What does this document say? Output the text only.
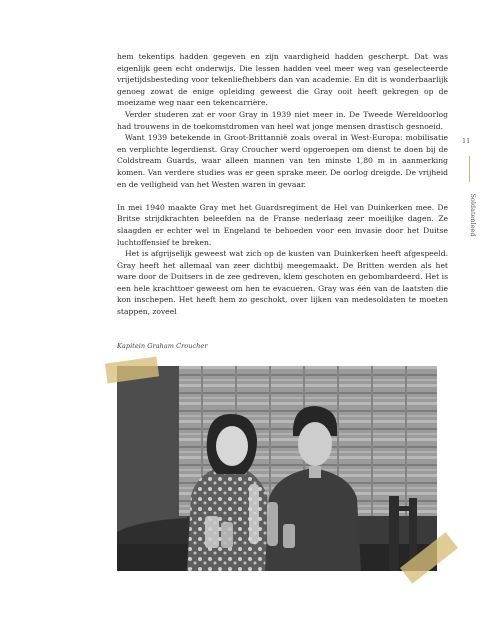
hem tekentips hadden gegeven en zijn vaardigheid hadden gescherpt. Dat was eigenlijk geen echt onderwijs. Die lessen hadden veel meer weg van geselecteerde vrijetijdsbesteding voor tekenliefhebbers dan van academie. En dit is wonderbaarlijk genoeg zowat de enige opleiding geweest die Gray ooit heeft gekregen op de moeizame weg naar een tekencarrière.

Verder studeren zat er voor Gray in 1939 niet meer in. De Tweede Wereldoorlog had trouwens in de toekomstdromen van heel wat jonge mensen drastisch gesnoeid.

Want 1939 betekende in Groot-Brittannië zoals overal in West-Europa: mobilisatie en verplichte legerdienst. Gray Croucher werd opgeroepen om dienst te doen bij de Coldstream Guards, waar alleen mannen van ten minste 1,80 m in aanmerking komen. Van verdere studies was er geen sprake meer. De oorlog dreigde. De vrijheid en de veiligheid van het Westen waren in gevaar.

In mei 1940 maakte Gray met het Guardsregiment de Hel van Duinkerken mee. De Britse strijdkrachten beleefden na de Franse nederlaag zeer moeilijke dagen. Ze slaagden er echter wel in Engeland te behoeden voor een invasie door het Duitse luchtoffensief te breken.

Het is afgrijselijk geweest wat zich op de kusten van Duinkerken heeft afgespeeld. Gray heeft het allemaal van zeer dichtbij meegemaakt. De Britten werden als het ware door de Duitsers in de zee gedreven, klem geschoten en gebombardeerd. Het is een hele krachttoer geweest om hen te evacueren. Gray was één van de laatsten die kon inschepen. Het heeft hem zo geschokt, over lijken van medesoldaten te moeten stappen, zoveel

11
Soldatenleed
Kapitein Graham Croucher
